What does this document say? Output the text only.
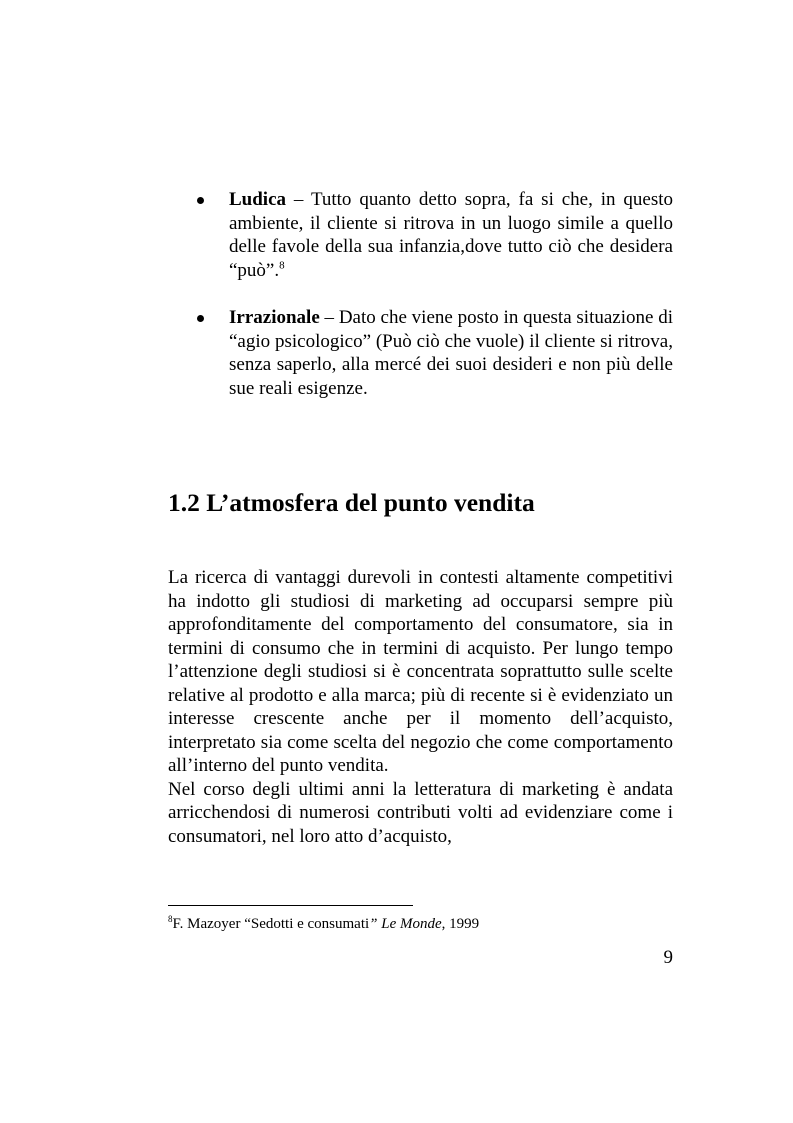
Ludica – Tutto quanto detto sopra, fa si che, in questo ambiente, il cliente si ritrova in un luogo simile a quello delle favole della sua infanzia,dove tutto ciò che desidera “può”.$^8$
Irrazionale – Dato che viene posto in questa situazione di “agio psicologico” (Può ciò che vuole) il cliente si ritrova, senza saperlo, alla mercé dei suoi desideri e non più delle sue reali esigenze.
1.2 L’atmosfera del punto vendita

La ricerca di vantaggi durevoli in contesti altamente competitivi ha indotto gli studiosi di marketing ad occuparsi sempre più approfonditamente del comportamento del consumatore, sia in termini di consumo che in termini di acquisto. Per lungo tempo l’attenzione degli studiosi si è concentrata soprattutto sulle scelte relative al prodotto e alla marca; più di recente si è evidenziato un interesse crescente anche per il momento dell’acquisto, interpretato sia come scelta del negozio che come comportamento all’interno del punto vendita.

Nel corso degli ultimi anni la letteratura di marketing è andata arricchendosi di numerosi contributi volti ad evidenziare come i consumatori, nel loro atto d’acquisto,

$^8$F. Mazoyer “Sedotti e consumati” Le Monde, 1999
9
